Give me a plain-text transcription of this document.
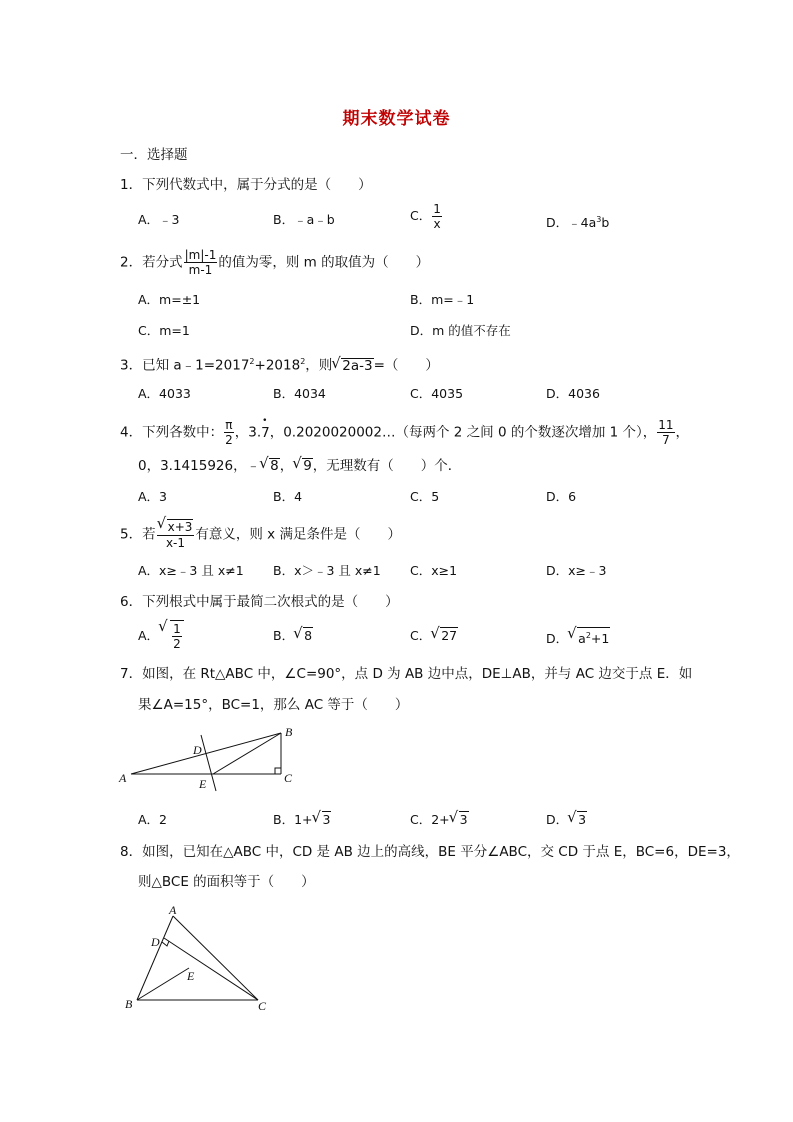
期末数学试卷
一．选择题
1．下列代数式中，属于分式的是（　　）
A．﹣3	B．﹣a﹣b	C． $\frac{1}{x}$	D．$﹣4a^3b$
2．若分式 $\frac{|m|-1}{m-1}$ 的值为零，则 m 的取值为（　　）
A．m=±1	B．m=﹣1
C．m=1	D．m 的值不存在
3．已知 $a﹣1=2017^2+2018^2$，则 √ 2a-3=（　　）
A．4033	B．4034	C．4035	D．4036
4．下列各数中： $\frac{\pi}{2}$ ，3.• 7，0.2020020002…（每两个 2 之间 0 的个数逐次增加 1 个）， $\frac{11}{7}$ ，
0，3.1415926，﹣ √ 8， √ 9，无理数有（　　）个．
A．3	B．4	C．5	D．6
5．若 √ $\frac{x+3}{x-1}$ 有意义，则 x 满足条件是（　　）
A．x≥﹣3 且 x≠1 B．x＞﹣3 且 x≠1 C．x≥1	D．x≥﹣3
6．下列根式中属于最简二次根式的是（　　）
A． √ $\frac{1}{2}$	B． √ 8	C． √ 27	D． √ $a^2+1$
7．如图，在 Rt△ABC 中，∠C=90°，点 D 为 AB 边中点，DE⊥AB，并与 AC 边交于点 E．如
果∠A=15°，BC=1，那么 AC 等于（　　）
A
B
C
D
E
A．2	B．1+ √ 3	C．2+ √ 3	D． √ 3
8．如图，已知在△ABC 中，CD 是 AB 边上的高线，BE 平分∠ABC，交 CD 于点 E，BC=6，DE=3，
则△BCE 的面积等于（　　）
A
B	C
D
E
